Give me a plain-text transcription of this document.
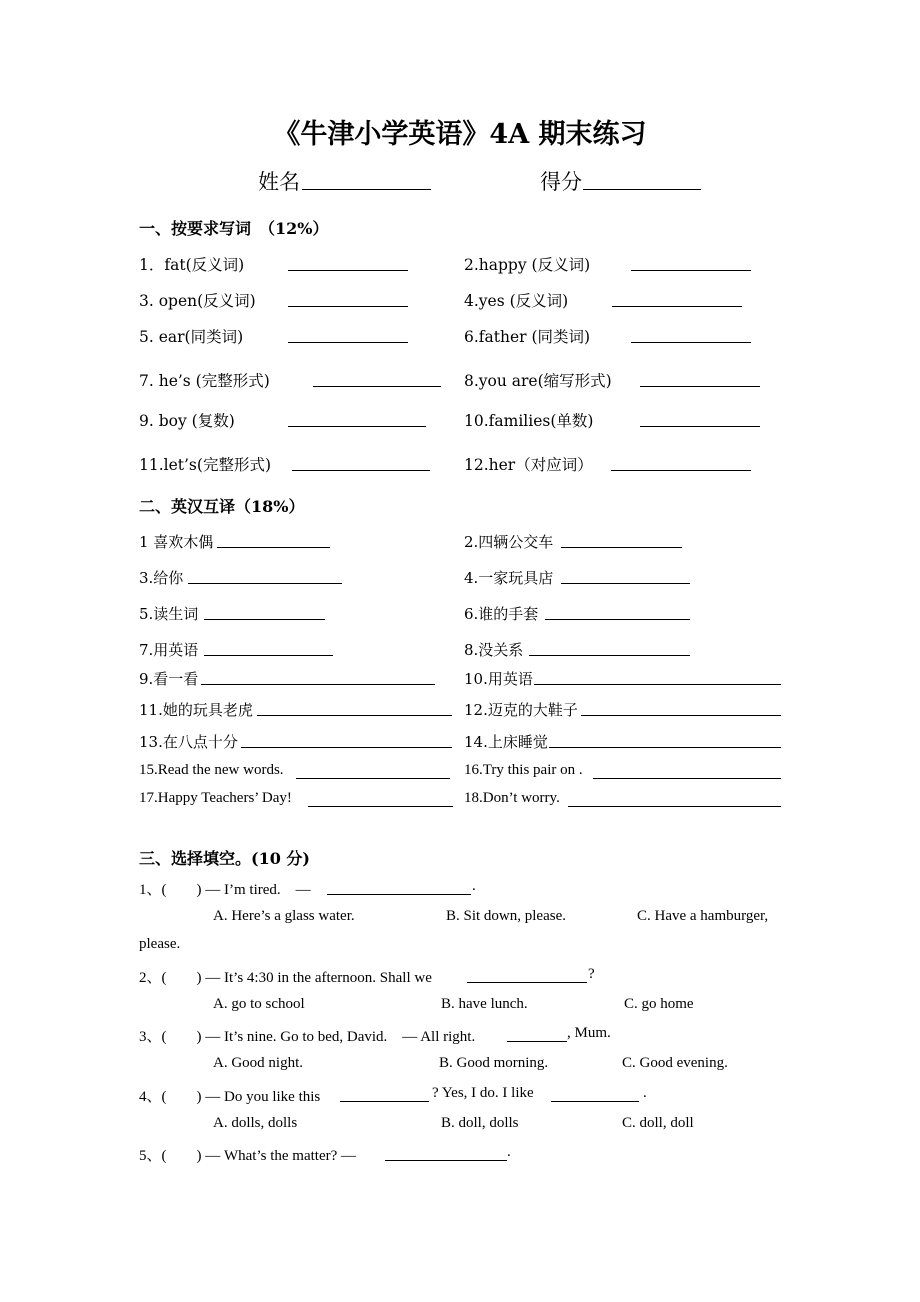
《牛津小学英语》4A 期末练习
姓名	得分
一、按要求写词　（12%）
1．fat(反义词)	2.happy (反义词)
3. open(反义词)	4.yes (反义词)
5. ear(同类词)	6.father (同类词)
7. he’s (完整形式)	8.you are(缩写形式)
9. boy (复数)	10.families(单数)
11.let’s(完整形式)	12.her（对应词）
二、英汉互译（18%）
1 喜欢木偶	2.四辆公交车
3.给你	4.一家玩具店
5.读生词	6.谁的手套
7.用英语	8.没关系
9.看一看	10.用英语
11.她的玩具老虎	12.迈克的大鞋子
13.在八点十分	14.上床睡觉
15.Read the new words.	16.Try this pair on .
17.Happy Teachers’ Day!	18.Don’t worry.
三、选择填空。(10 分)
1、(　　) — I’m tired.　—	.
A. Here’s a glass water.	B. Sit down, please.	C. Have a hamburger,
please.
2、(　　) — It’s 4:30 in the afternoon. Shall we	?
A. go to school	B. have lunch.	C. go home
3、(　　) — It’s nine. Go to bed, David.　— All right.	, Mum.
A. Good night.	B. Good morning.	C. Good evening.
4、(　　) — Do you like this	? Yes, I do. I like	.
A. dolls, dolls	B. doll, dolls	C. doll, doll
5、(　　) — What’s the matter? —	.
